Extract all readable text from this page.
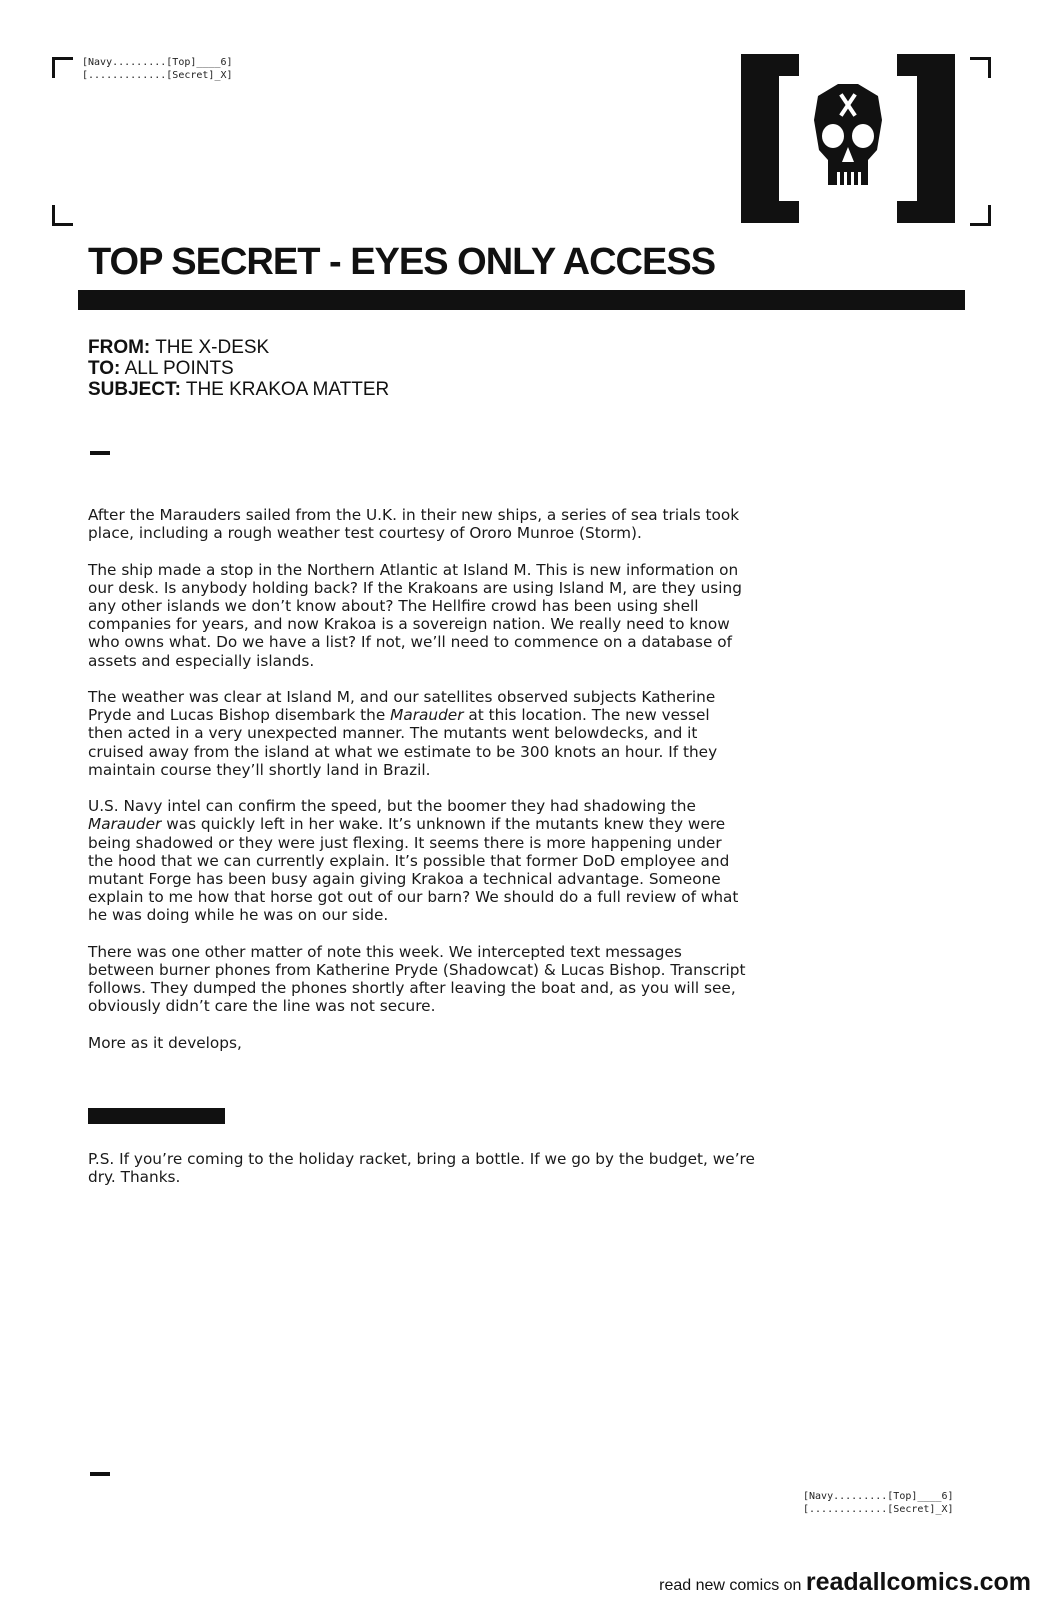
[Navy.........[Top]____6]
[.............[Secret]_X]
TOP SECRET - EYES ONLY ACCESS
FROM: THE X-DESK
TO: ALL POINTS
SUBJECT: THE KRAKOA MATTER

After the Marauders sailed from the U.K. in their new ships, a series of sea trials took place, including a rough weather test courtesy of Ororo Munroe (Storm).

The ship made a stop in the Northern Atlantic at Island M. This is new information on our desk. Is anybody holding back? If the Krakoans are using Island M, are they using any other islands we don’t know about? The Hellfire crowd has been using shell companies for years, and now Krakoa is a sovereign nation. We really need to know who owns what. Do we have a list? If not, we’ll need to commence on a database of assets and especially islands.

The weather was clear at Island M, and our satellites observed subjects Katherine Pryde and Lucas Bishop disembark the Marauder at this location. The new vessel then acted in a very unexpected manner. The mutants went belowdecks, and it cruised away from the island at what we estimate to be 300 knots an hour. If they maintain course they’ll shortly land in Brazil.

U.S. Navy intel can confirm the speed, but the boomer they had shadowing the Marauder was quickly left in her wake. It’s unknown if the mutants knew they were being shadowed or they were just flexing. It seems there is more happening under the hood that we can currently explain. It’s possible that former DoD employee and mutant Forge has been busy again giving Krakoa a technical advantage. Someone explain to me how that horse got out of our barn? We should do a full review of what he was doing while he was on our side.

There was one other matter of note this week. We intercepted text messages between burner phones from Katherine Pryde (Shadowcat) & Lucas Bishop. Transcript follows. They dumped the phones shortly after leaving the boat and, as you will see, obviously didn’t care the line was not secure.

More as it develops,

P.S. If you’re coming to the holiday racket, bring a bottle. If we go by the budget, we’re dry. Thanks.

[Navy.........[Top]____6]
[.............[Secret]_X]
read new comics on readallcomics.com
